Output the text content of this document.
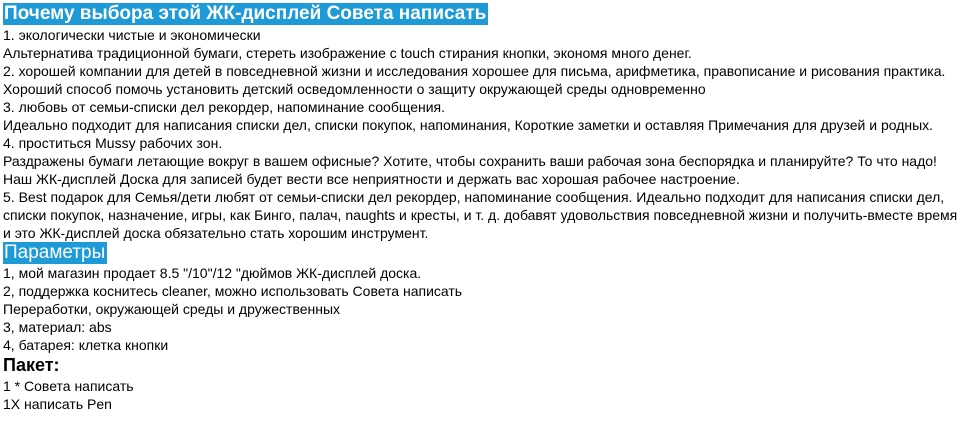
Почему выбора этой ЖК-дисплей Совета написать

1. экологически чистые и экономически

Альтернатива традиционной бумаги, стереть изображение с touch стирания кнопки, экономя много денег.

2. хорошей компании для детей в повседневной жизни и исследования хорошее для письма, арифметика, правописание и рисования практика. Хороший способ помочь установить детский осведомленности о защиту окружающей среды одновременно

3. любовь от семьи-списки дел рекордер, напоминание сообщения.

Идеально подходит для написания списки дел, списки покупок, напоминания, Короткие заметки и оставляя Примечания для друзей и родных.

4. проститься Mussy рабочих зон.

Раздражены бумаги летающие вокруг в вашем офисные? Хотите, чтобы сохранить ваши рабочая зона беспорядка и планируйте? То что надо!

Наш ЖК-дисплей Доска для записей будет вести все неприятности и держать вас хорошая рабочее настроение.

5. Best подарок для Семья/дети любят от семьи-списки дел рекордер, напоминание сообщения. Идеально подходит для написания списки дел, списки покупок, назначение, игры, как Бинго, палач, naughts и кресты, и т. д. добавят удовольствия повседневной жизни и получить-вместе время и это ЖК-дисплей доска обязательно стать хорошим инструмент.

Параметры

1, мой магазин продает 8.5 "/10"/12 "дюймов ЖК-дисплей доска.

2, поддержка коснитесь cleaner, можно использовать Совета написать

Переработки, окружающей среды и дружественных

3, материал: abs

4, батарея: клетка кнопки

Пакет:

1 * Совета написать

1X написать Pen
